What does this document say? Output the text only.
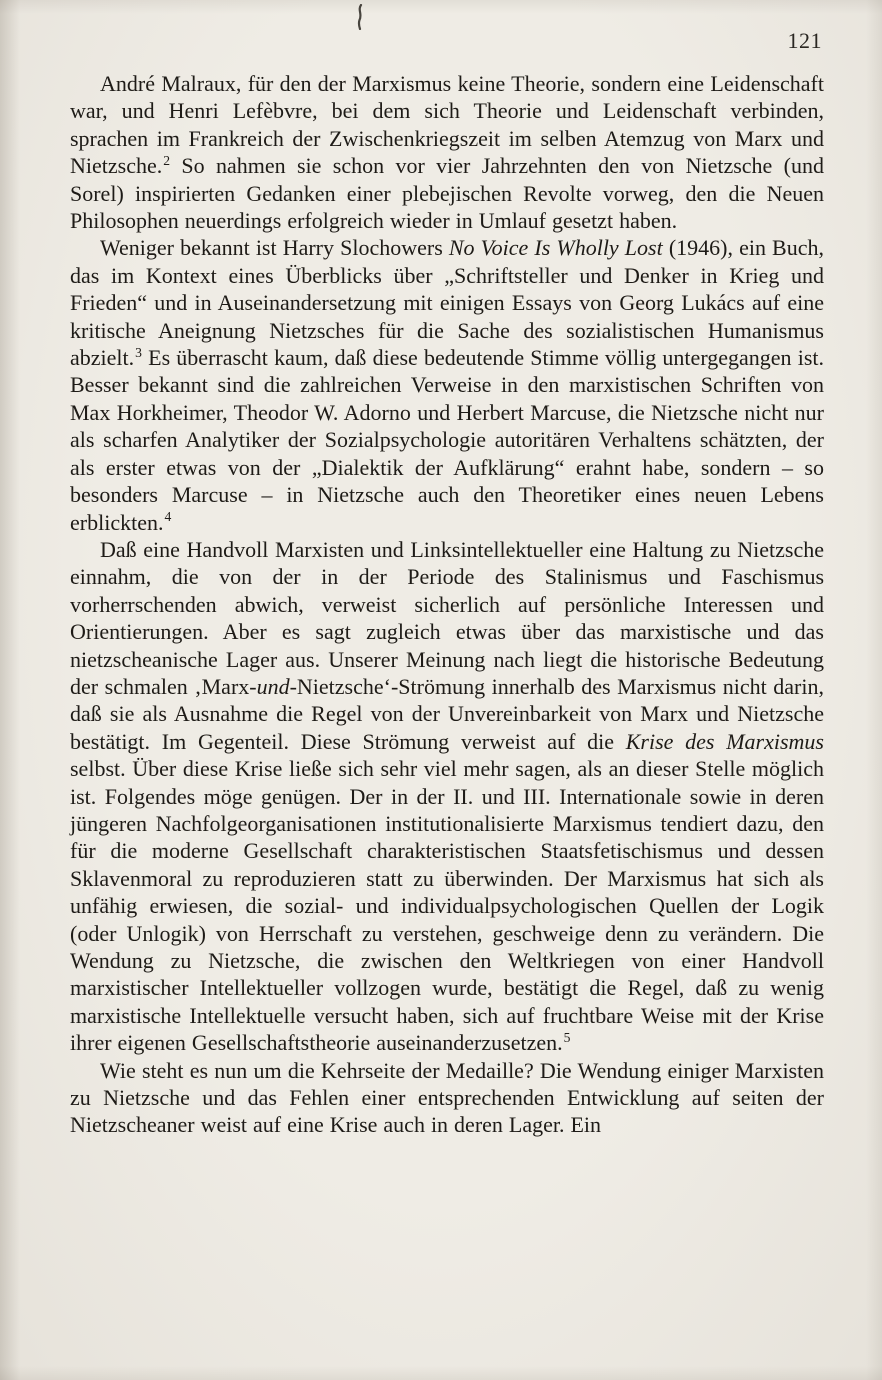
121

André Malraux, für den der Marxismus keine Theorie, sondern eine Leidenschaft war, und Henri Lefèbvre, bei dem sich Theorie und Leidenschaft verbinden, sprachen im Frankreich der Zwischenkriegszeit im selben Atemzug von Marx und Nietzsche.$^2$ So nahmen sie schon vor vier Jahrzehnten den von Nietzsche (und Sorel) inspirierten Gedanken einer plebejischen Revolte vorweg, den die Neuen Philosophen neuerdings erfolgreich wieder in Umlauf gesetzt haben.

Weniger bekannt ist Harry Slochowers No Voice Is Wholly Lost (1946), ein Buch, das im Kontext eines Überblicks über „Schriftsteller und Denker in Krieg und Frieden“ und in Auseinandersetzung mit einigen Essays von Georg Lukács auf eine kritische Aneignung Nietzsches für die Sache des sozialistischen Humanismus abzielt.$^3$ Es überrascht kaum, daß diese bedeutende Stimme völlig untergegangen ist. Besser bekannt sind die zahlreichen Verweise in den marxistischen Schriften von Max Horkheimer, Theodor W. Adorno und Herbert Marcuse, die Nietzsche nicht nur als scharfen Analytiker der Sozialpsychologie autoritären Verhaltens schätzten, der als erster etwas von der „Dialektik der Aufklärung“ erahnt habe, sondern – so besonders Marcuse – in Nietzsche auch den Theoretiker eines neuen Lebens erblickten.$^4$

Daß eine Handvoll Marxisten und Linksintellektueller eine Haltung zu Nietzsche einnahm, die von der in der Periode des Stalinismus und Faschismus vorherrschenden abwich, verweist sicherlich auf persönliche Interessen und Orientierungen. Aber es sagt zugleich etwas über das marxistische und das nietzscheanische Lager aus. Unserer Meinung nach liegt die historische Bedeutung der schmalen ‚Marx-und-Nietzsche‘-Strömung innerhalb des Marxismus nicht darin, daß sie als Ausnahme die Regel von der Unvereinbarkeit von Marx und Nietzsche bestätigt. Im Gegenteil. Diese Strömung verweist auf die Krise des Marxismus selbst. Über diese Krise ließe sich sehr viel mehr sagen, als an dieser Stelle möglich ist. Folgendes möge genügen. Der in der II. und III. Internationale sowie in deren jüngeren Nachfolgeorganisationen institutionalisierte Marxismus tendiert dazu, den für die moderne Gesellschaft charakteristischen Staatsfetischismus und dessen Sklavenmoral zu reproduzieren statt zu überwinden. Der Marxismus hat sich als unfähig erwiesen, die sozial- und individualpsychologischen Quellen der Logik (oder Unlogik) von Herrschaft zu verstehen, geschweige denn zu verändern. Die Wendung zu Nietzsche, die zwischen den Weltkriegen von einer Handvoll marxistischer Intellektueller vollzogen wurde, bestätigt die Regel, daß zu wenig marxistische Intellektuelle versucht haben, sich auf fruchtbare Weise mit der Krise ihrer eigenen Gesellschaftstheorie auseinanderzusetzen.$^5$

Wie steht es nun um die Kehrseite der Medaille? Die Wendung einiger Marxisten zu Nietzsche und das Fehlen einer entsprechenden Entwicklung auf seiten der Nietzscheaner weist auf eine Krise auch in deren Lager. Ein
